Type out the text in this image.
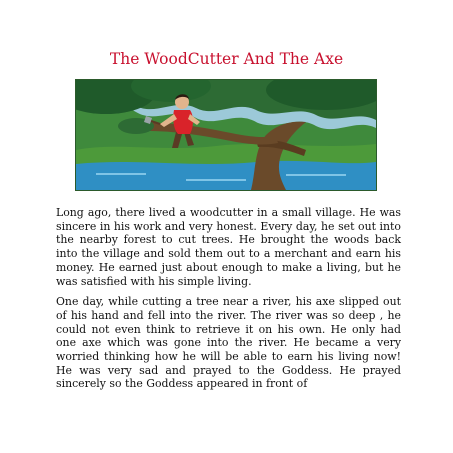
The WoodCutter And The Axe

Long ago, there lived a woodcutter in a small village. He was sincere in his work and very honest. Every day, he set out into the nearby forest to cut trees. He brought the woods back into the village and sold them out to a merchant and earn his money. He earned just about enough to make a living, but he was satisfied with his simple living.

One day, while cutting a tree near a river, his axe slipped out of his hand and fell into the river. The river was so deep , he could not even think to retrieve it on his own. He only had one axe which was gone into the river. He became a very worried thinking how he will be able to earn his living now! He was very sad and prayed to the Goddess. He prayed sincerely so the Goddess appeared in front of
